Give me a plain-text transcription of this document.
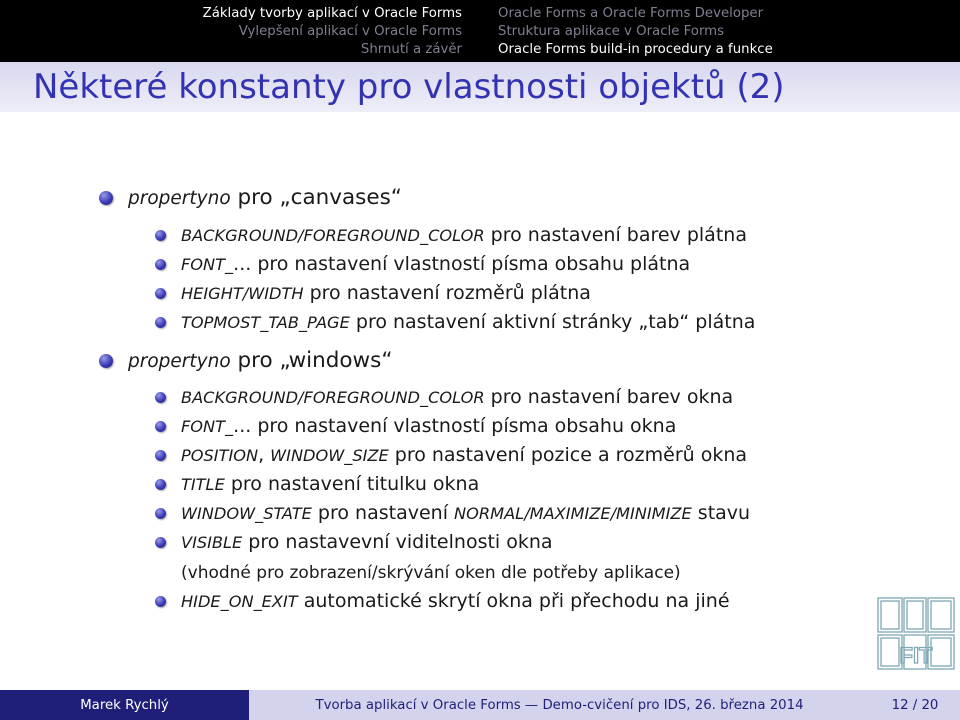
Základy tvorby aplikací v Oracle Forms
Vylepšení aplikací v Oracle Forms
Shrnutí a závěr
Oracle Forms a Oracle Forms Developer
Struktura aplikace v Oracle Forms
Oracle Forms build-in procedury a funkce
Některé konstanty pro vlastnosti objektů (2)
propertyno pro „canvases“
BACKGROUND/FOREGROUND_COLOR pro nastavení barev plátna
FONT_... pro nastavení vlastností písma obsahu plátna
HEIGHT/WIDTH pro nastavení rozměrů plátna
TOPMOST_TAB_PAGE pro nastavení aktivní stránky „tab“ plátna
propertyno pro „windows“
BACKGROUND/FOREGROUND_COLOR pro nastavení barev okna
FONT_... pro nastavení vlastností písma obsahu okna
POSITION, WINDOW_SIZE pro nastavení pozice a rozměrů okna
TITLE pro nastavení titulku okna
WINDOW_STATE pro nastavení NORMAL/MAXIMIZE/MINIMIZE stavu
VISIBLE pro nastavevní viditelnosti okna
(vhodné pro zobrazení/skrývání oken dle potřeby aplikace)
HIDE_ON_EXIT automatické skrytí okna při přechodu na jiné
FIT
Marek Rychlý	Tvorba aplikací v Oracle Forms — Demo-cvičení pro IDS, 26. března 2014	12 / 20
